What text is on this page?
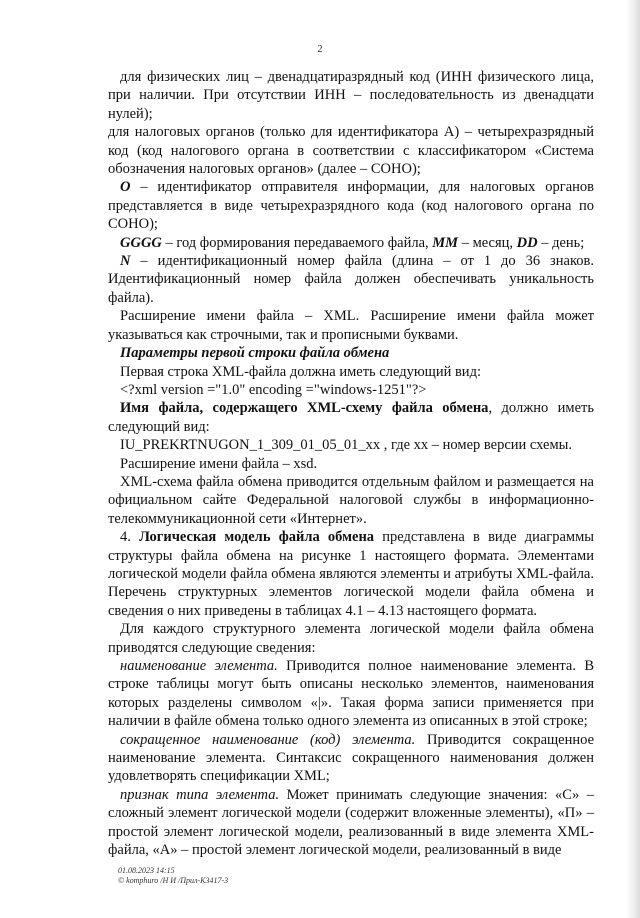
2

для физических лиц – двенадцатиразрядный код (ИНН физического лица, при наличии. При отсутствии ИНН – последовательность из двенадцати нулей);

для налоговых органов (только для идентификатора А) – четырехразрядный код (код налогового органа в соответствии с классификатором «Система обозначения налоговых органов» (далее – СОНО);

O – идентификатор отправителя информации, для налоговых органов представляется в виде четырехразрядного кода (код налогового органа по СОНО);

GGGG – год формирования передаваемого файла, MM – месяц, DD – день;

N – идентификационный номер файла (длина – от 1 до 36 знаков. Идентификационный номер файла должен обеспечивать уникальность файла).

Расширение имени файла – XML. Расширение имени файла может указываться как строчными, так и прописными буквами.

Параметры первой строки файла обмена

Первая строка XML-файла должна иметь следующий вид:

<?xml version ="1.0" encoding ="windows-1251"?>

Имя файла, содержащего XML-схему файла обмена, должно иметь следующий вид:

IU_PREKRTNUGON_1_309_01_05_01_xx , где хх – номер версии схемы.

Расширение имени файла – xsd.

XML-схема файла обмена приводится отдельным файлом и размещается на официальном сайте Федеральной налоговой службы в информационно-телекоммуникационной сети «Интернет».

4. Логическая модель файла обмена представлена в виде диаграммы структуры файла обмена на рисунке 1 настоящего формата. Элементами логической модели файла обмена являются элементы и атрибуты XML-файла. Перечень структурных элементов логической модели файла обмена и сведения о них приведены в таблицах 4.1 – 4.13 настоящего формата.

Для каждого структурного элемента логической модели файла обмена приводятся следующие сведения:

наименование элемента. Приводится полное наименование элемента. В строке таблицы могут быть описаны несколько элементов, наименования которых разделены символом «|». Такая форма записи применяется при наличии в файле обмена только одного элемента из описанных в этой строке;

сокращенное наименование (код) элемента. Приводится сокращенное наименование элемента. Синтаксис сокращенного наименования должен удовлетворять спецификации XML;

признак типа элемента. Может принимать следующие значения: «С» – сложный элемент логической модели (содержит вложенные элементы), «П» – простой элемент логической модели, реализованный в виде элемента XML-файла, «А» – простой элемент логической модели, реализованный в виде

01.08.2023 14:15
© komphuro /Н И /Прил-К3417-3
